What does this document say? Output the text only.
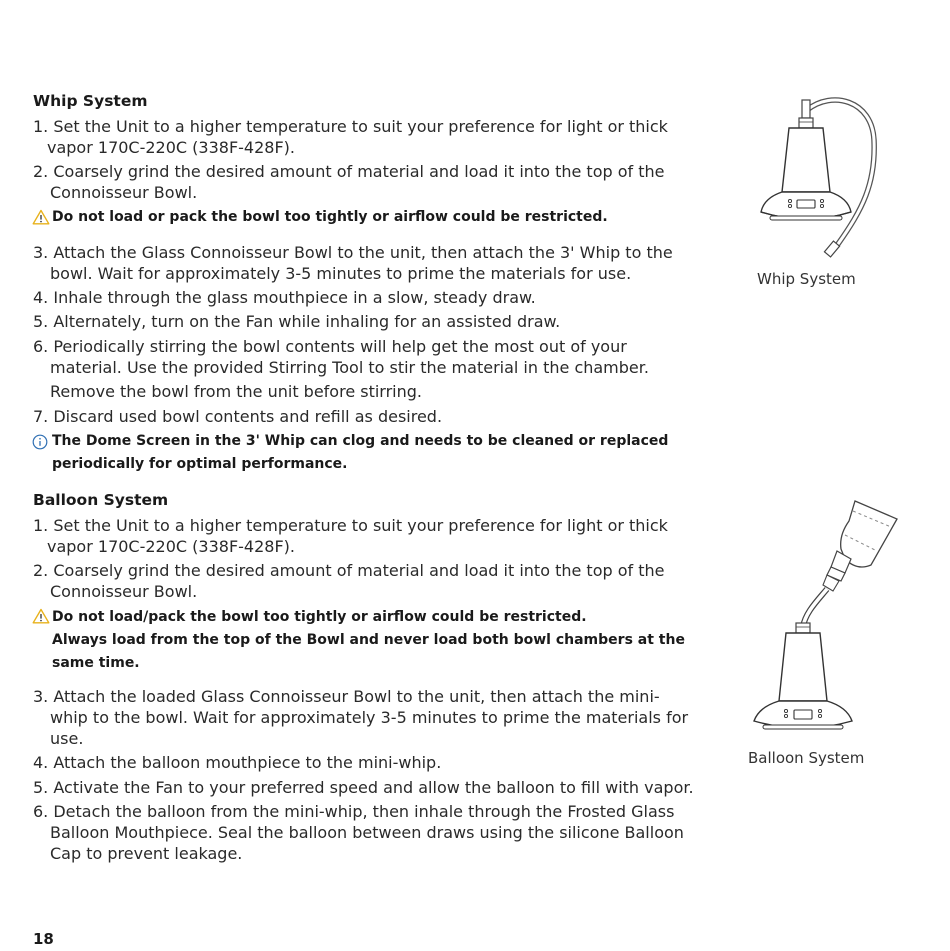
Whip System
1. Set the Unit to a higher temperature to suit your preference for light or thick
vapor 170C-220C (338F-428F).
2. Coarsely grind the desired amount of material and load it into the top of the
Connoisseur Bowl.
Do not load or pack the bowl too tightly or airflow could be restricted.
3. Attach the Glass Connoisseur Bowl to the unit, then attach the 3' Whip to the
bowl. Wait for approximately 3-5 minutes to prime the materials for use.
4. Inhale through the glass mouthpiece in a slow, steady draw.
5. Alternately, turn on the Fan while inhaling for an assisted draw.
6. Periodically stirring the bowl contents will help get the most out of your
material. Use the provided Stirring Tool to stir the material in the chamber.
Remove the bowl from the unit before stirring.
7. Discard used bowl contents and refill as desired.
The Dome Screen in the 3' Whip can clog and needs to be cleaned or replaced
periodically for optimal performance.
Whip System
Balloon System
1. Set the Unit to a higher temperature to suit your preference for light or thick
vapor 170C-220C (338F-428F).
2. Coarsely grind the desired amount of material and load it into the top of the
Connoisseur Bowl.
Do not load/pack the bowl too tightly or airflow could be restricted.
Always load from the top of the Bowl and never load both bowl chambers at the
same time.
3. Attach the loaded Glass Connoisseur Bowl to the unit, then attach the mini-
whip to the bowl. Wait for approximately 3-5 minutes to prime the materials for
use.
4. Attach the balloon mouthpiece to the mini-whip.
5. Activate the Fan to your preferred speed and allow the balloon to fill with vapor.
6. Detach the balloon from the mini-whip, then inhale through the Frosted Glass
Balloon Mouthpiece. Seal the balloon between draws using the silicone Balloon
Cap to prevent leakage.
Balloon System
18
